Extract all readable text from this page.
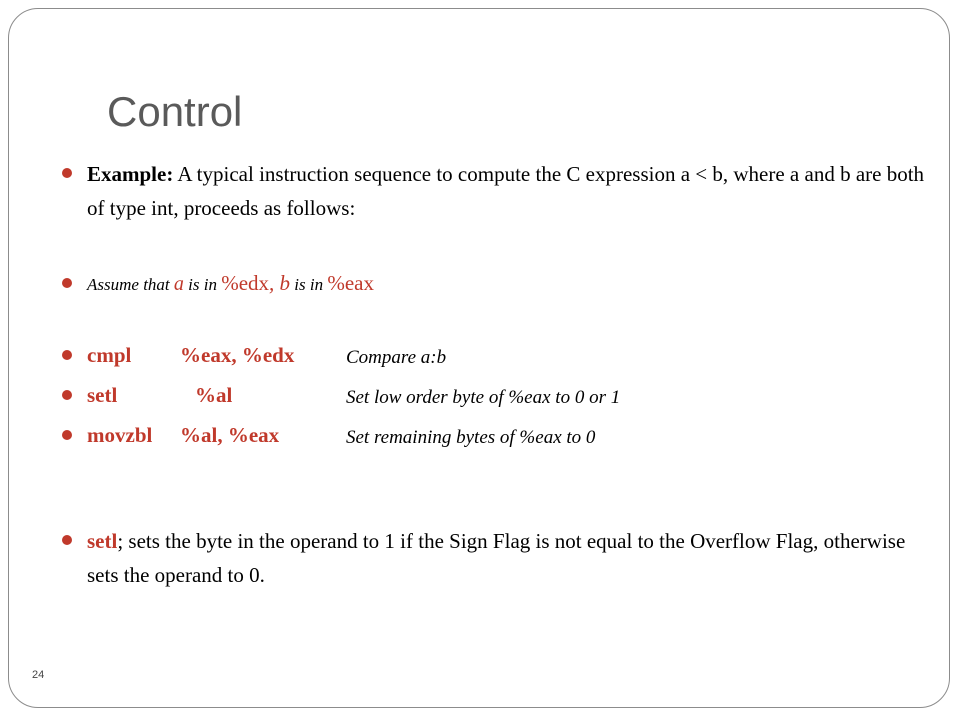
Control

Example: A typical instruction sequence to compute the C expression a < b, where a and b are both of type int, proceeds as follows:

Assume that a is in %edx, b is in %eax

cmpl %eax, %edx	Compare a:b

setl	%al	Set low order byte of %eax to 0 or 1

movzbl %al, %eax	Set remaining bytes of %eax to 0

setl; sets the byte in the operand to 1 if the Sign Flag is not equal to the Overflow Flag, otherwise sets the operand to 0.

24
